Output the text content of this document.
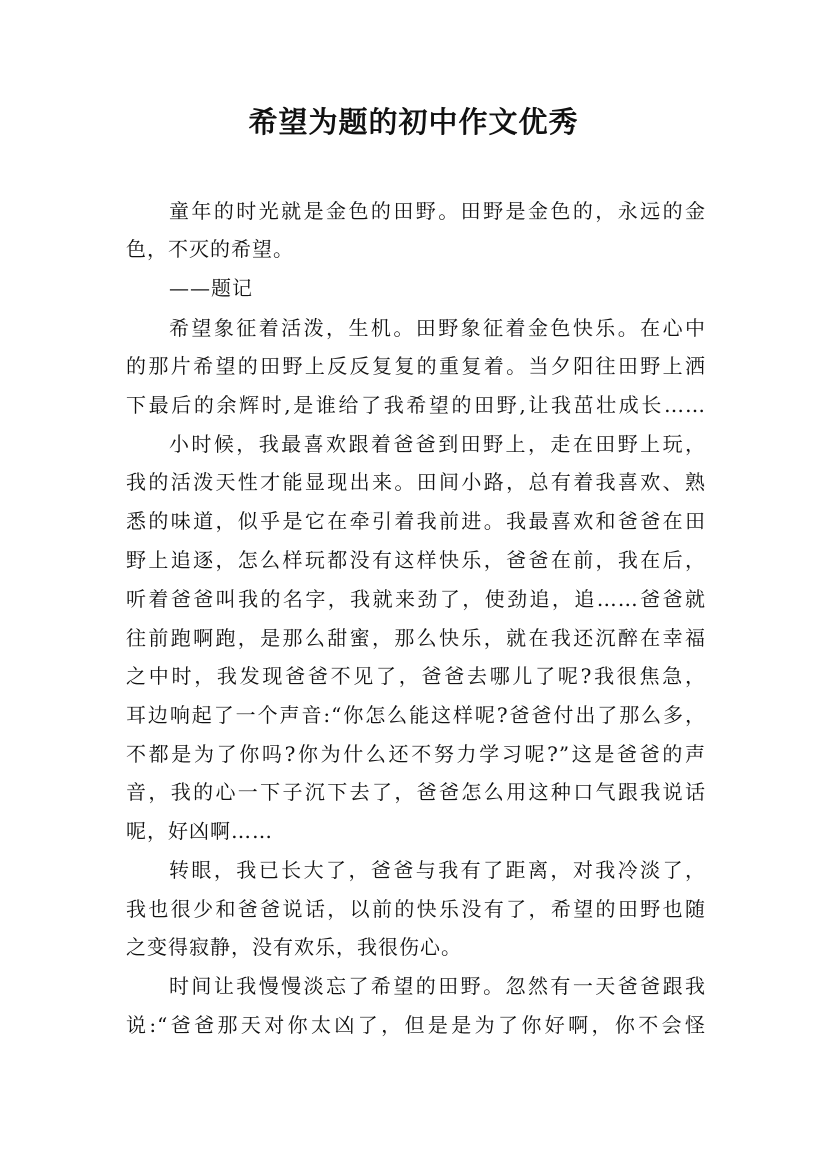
希望为题的初中作文优秀
童年的时光就是金色的田野。田野是金色的，永远的金
色，不灭的希望。
——题记
希望象征着活泼，生机。田野象征着金色快乐。在心中
的那片希望的田野上反反复复的重复着。当夕阳往田野上洒
下最后的余辉时,是谁给了我希望的田野,让我茁壮成长……
小时候，我最喜欢跟着爸爸到田野上，走在田野上玩，
我的活泼天性才能显现出来。田间小路，总有着我喜欢、熟
悉的味道，似乎是它在牵引着我前进。我最喜欢和爸爸在田
野上追逐，怎么样玩都没有这样快乐，爸爸在前，我在后，
听着爸爸叫我的名字，我就来劲了，使劲追，追……爸爸就
往前跑啊跑，是那么甜蜜，那么快乐，就在我还沉醉在幸福
之中时，我发现爸爸不见了，爸爸去哪儿了呢?我很焦急，
耳边响起了一个声音:“你怎么能这样呢?爸爸付出了那么多，
不都是为了你吗?你为什么还不努力学习呢?”这是爸爸的声
音，我的心一下子沉下去了，爸爸怎么用这种口气跟我说话
呢，好凶啊……
转眼，我已长大了，爸爸与我有了距离，对我冷淡了，
我也很少和爸爸说话，以前的快乐没有了，希望的田野也随
之变得寂静，没有欢乐，我很伤心。
时间让我慢慢淡忘了希望的田野。忽然有一天爸爸跟我
说:“爸爸那天对你太凶了，但是是为了你好啊，你不会怪
